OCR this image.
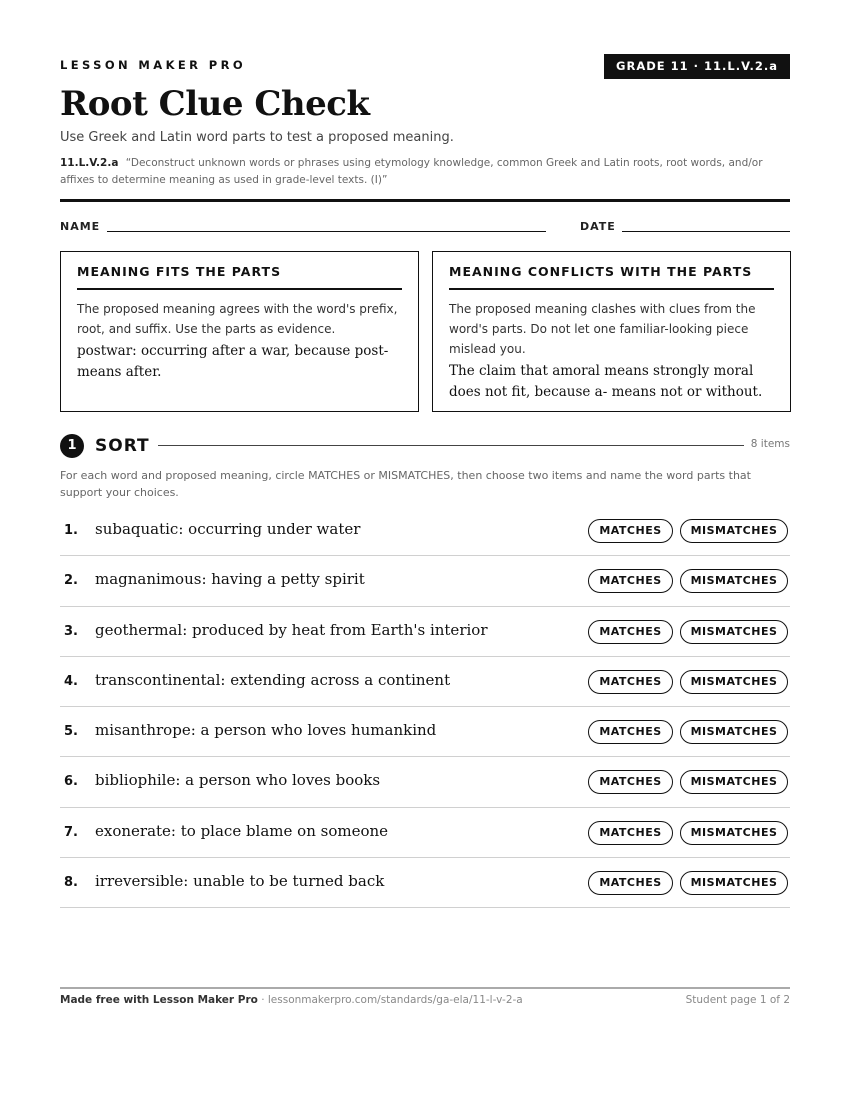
LESSON MAKER PRO	GRADE 11 · 11.L.V.2.a
Root Clue Check
Use Greek and Latin word parts to test a proposed meaning.
11.L.V.2.a “Deconstruct unknown words or phrases using etymology knowledge, common Greek and Latin roots, root words, and/or affixes to determine meaning as used in grade-level texts. (I)”
NAME	DATE
MEANING FITS THE PARTS
The proposed meaning agrees with the word's prefix, root, and suffix. Use the parts as evidence.
postwar: occurring after a war, because post- means after.
MEANING CONFLICTS WITH THE PARTS
The proposed meaning clashes with clues from the word's parts. Do not let one familiar-looking piece mislead you.
The claim that amoral means strongly moral does not fit, because a- means not or without.
1	SORT	8 items
For each word and proposed meaning, circle MATCHES or MISMATCHES, then choose two items and name the word parts that support your choices.
1. subaquatic: occurring under water	MATCHES	MISMATCHES
2. magnanimous: having a petty spirit	MATCHES	MISMATCHES
3. geothermal: produced by heat from Earth's interior	MATCHES	MISMATCHES
4. transcontinental: extending across a continent	MATCHES	MISMATCHES
5. misanthrope: a person who loves humankind	MATCHES	MISMATCHES
6. bibliophile: a person who loves books	MATCHES	MISMATCHES
7. exonerate: to place blame on someone	MATCHES	MISMATCHES
8. irreversible: unable to be turned back	MATCHES	MISMATCHES
Made free with Lesson Maker Pro · lessonmakerpro.com/standards/ga-ela/11-l-v-2-a	Student page 1 of 2
